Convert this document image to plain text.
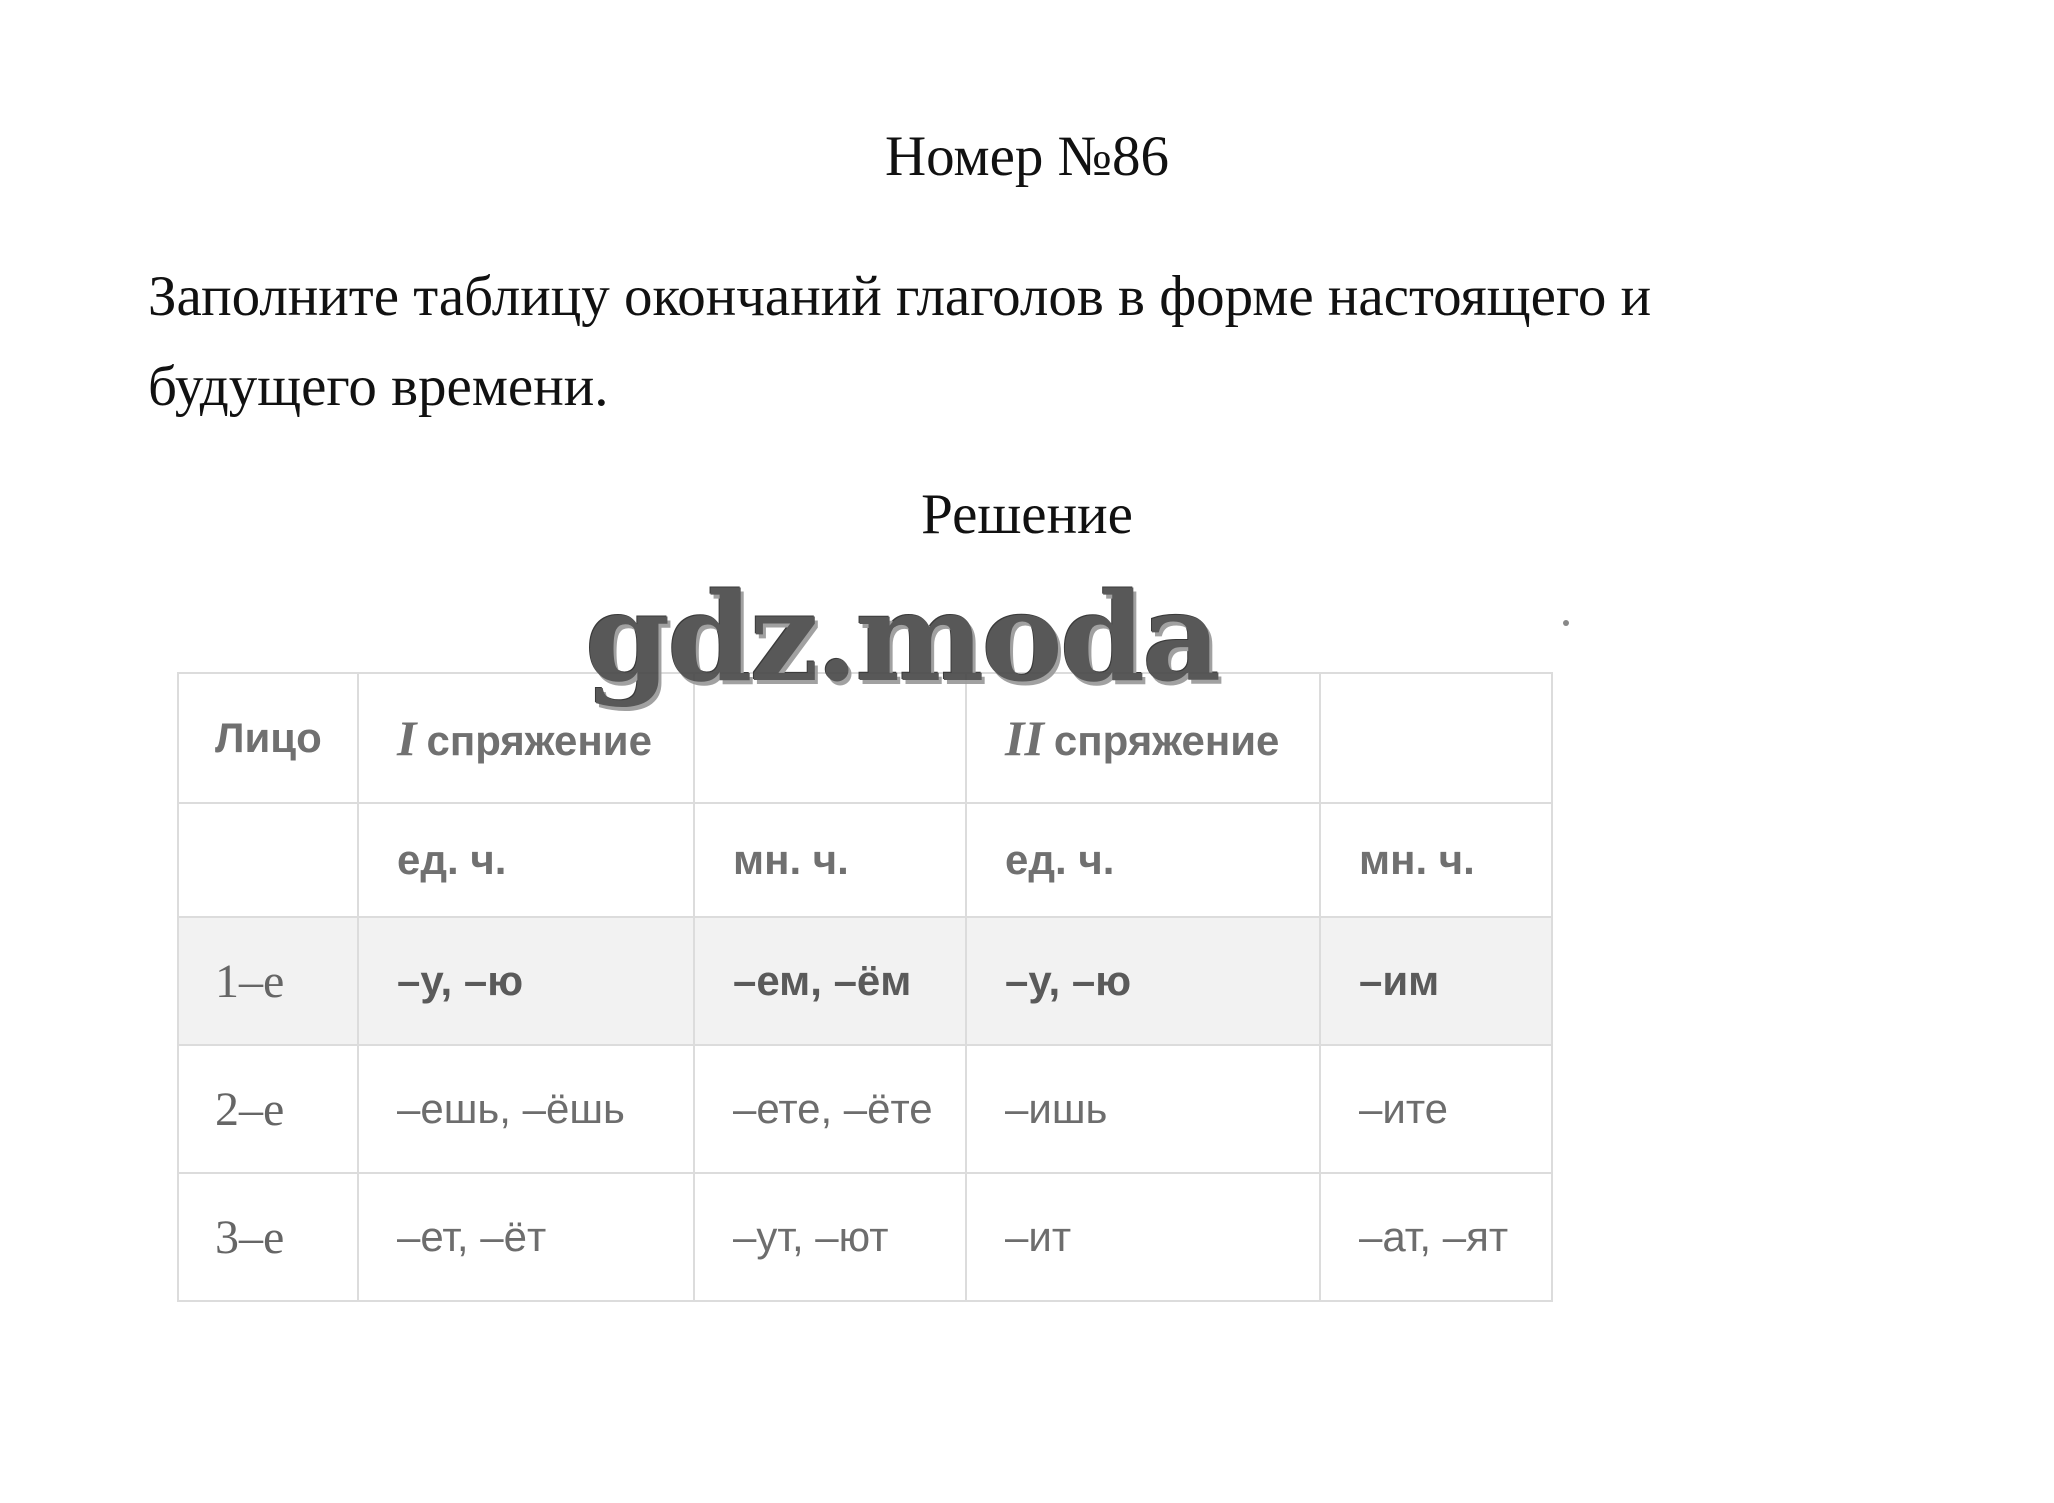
Номер №86

Заполните таблицу окончаний глаголов в форме настоящего и будущего времени.

Решение

gdz.moda
Лицо	I спряжение		II спряжение	
	ед. ч.	мн. ч.	ед. ч.	мн. ч.
1–е	–у, –ю	–ем, –ём	–у, –ю	–им
2–е	–ешь, –ёшь	–ете, –ёте	–ишь	–ите
3–е	–ет, –ёт	–ут, –ют	–ит	–ат, –ят
